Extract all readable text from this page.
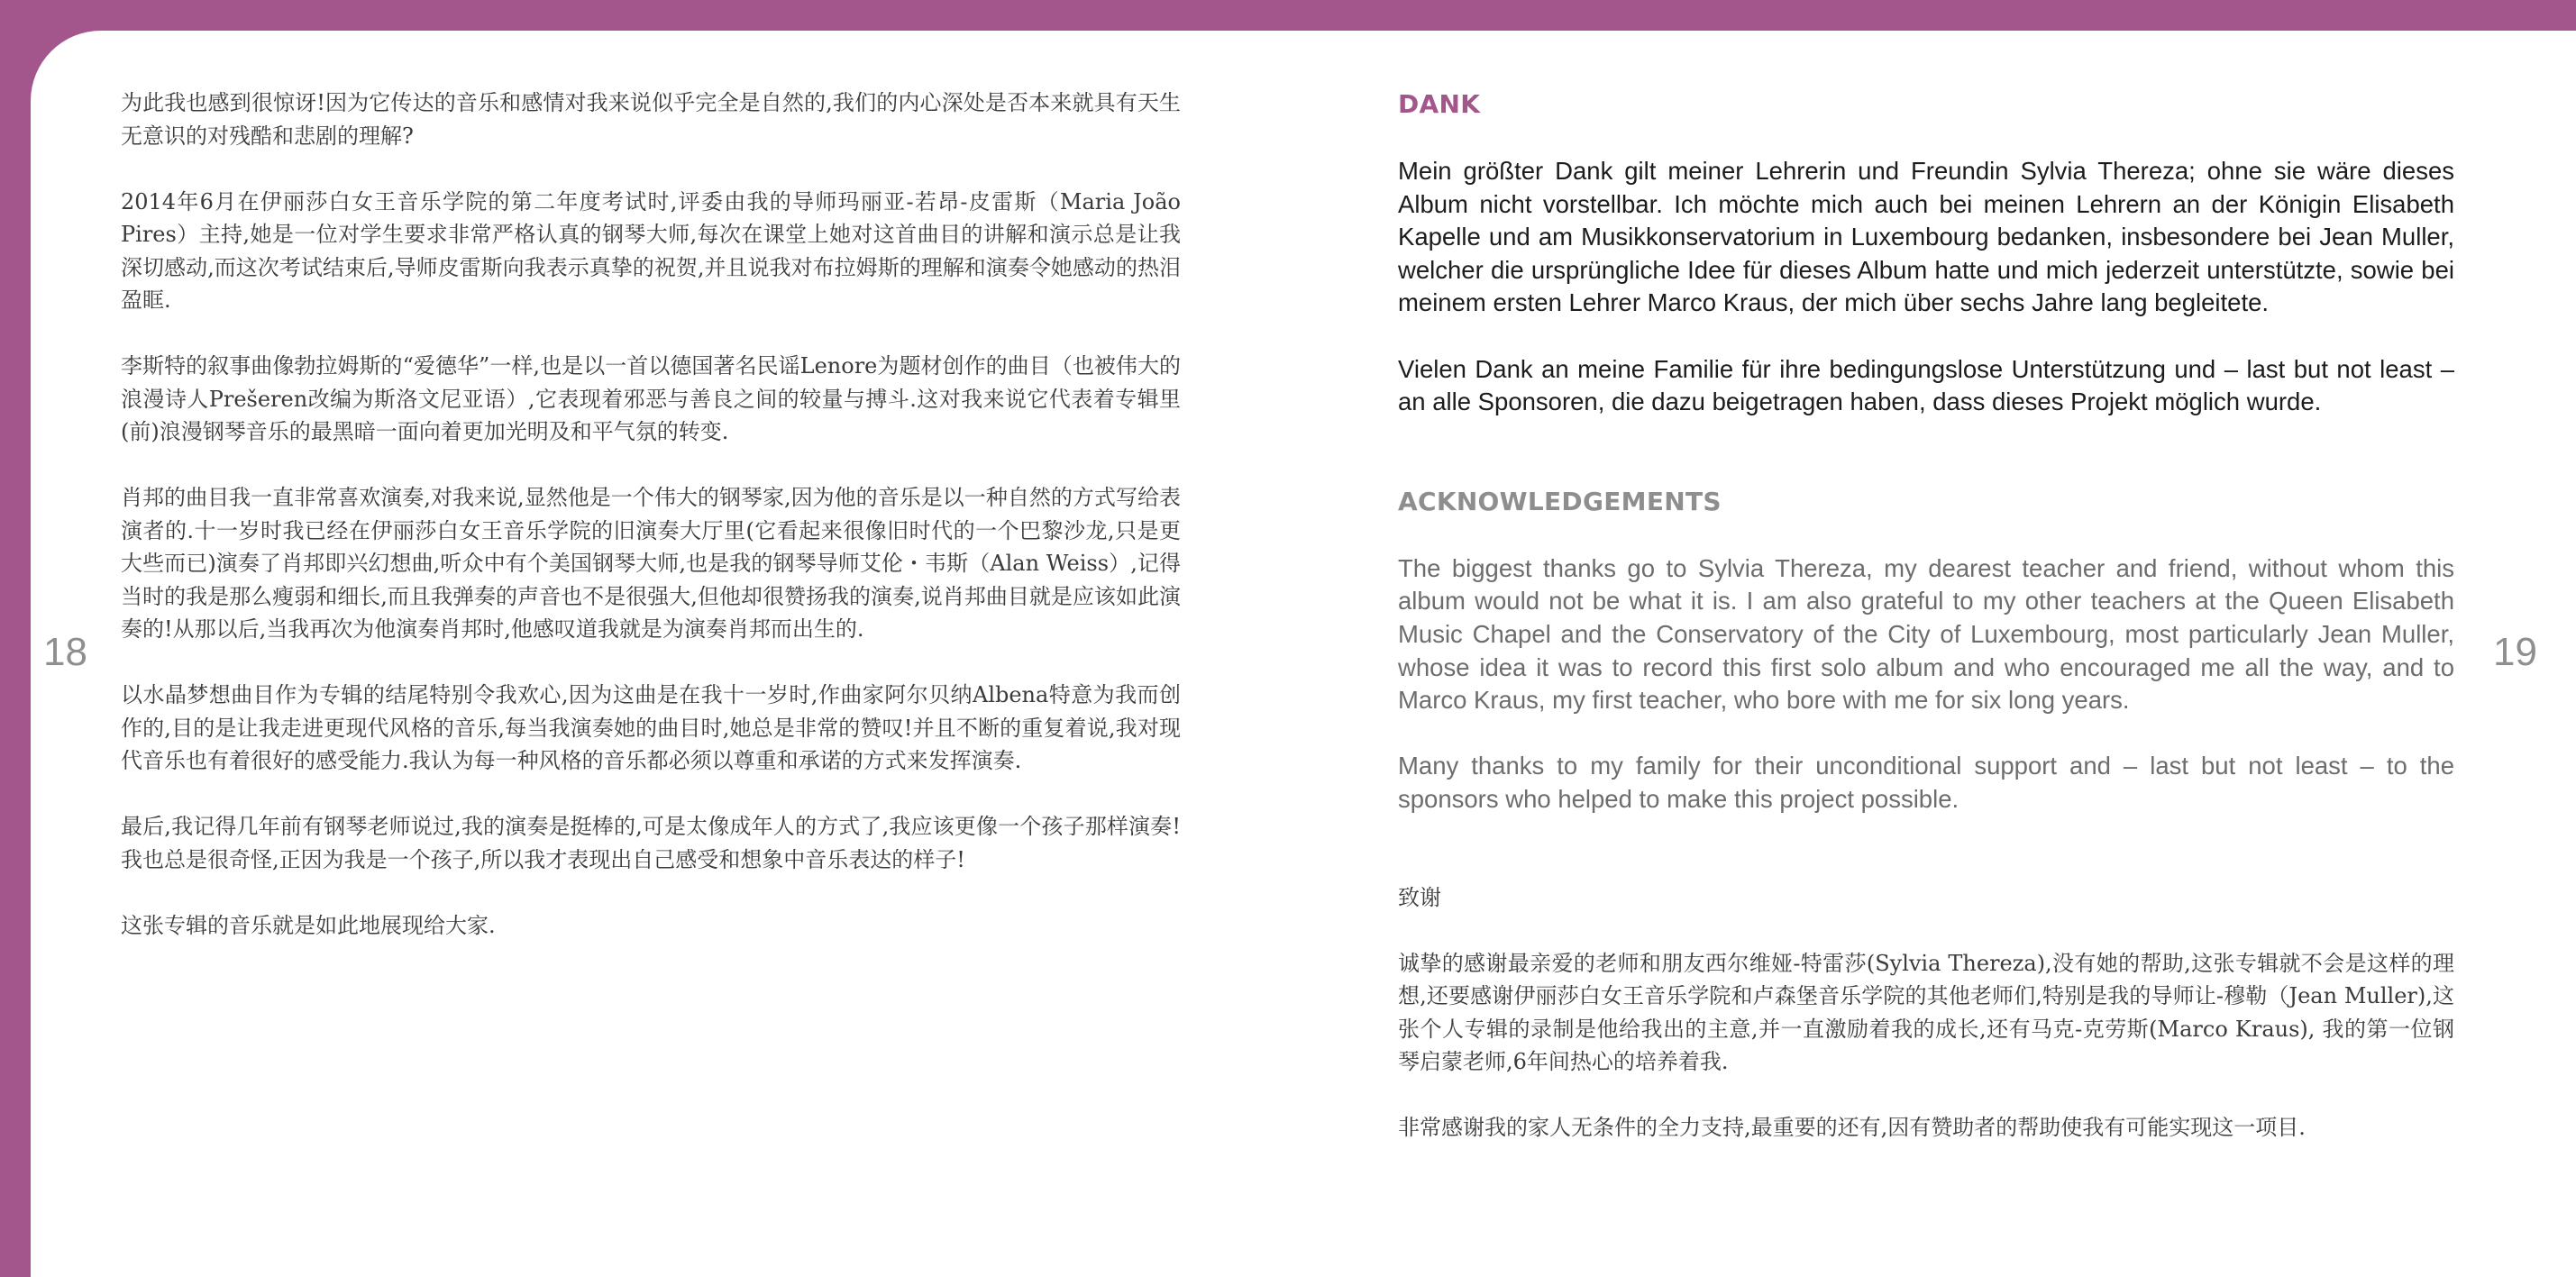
18	19

为此我也感到很惊讶!因为它传达的音乐和感情对我来说似乎完全是自然的,我们的内心深处是否本来就具有天生无意识的对残酷和悲剧的理解?

2014年6月在伊丽莎白女王音乐学院的第二年度考试时,评委由我的导师玛丽亚-若昂-皮雷斯（Maria João Pires）主持,她是一位对学生要求非常严格认真的钢琴大师,每次在课堂上她对这首曲目的讲解和演示总是让我深切感动,而这次考试结束后,导师皮雷斯向我表示真挚的祝贺,并且说我对布拉姆斯的理解和演奏令她感动的热泪盈眶.

李斯特的叙事曲像勃拉姆斯的“爱德华”一样,也是以一首以德国著名民谣Lenore为题材创作的曲目（也被伟大的浪漫诗人Prešeren改编为斯洛文尼亚语）,它表现着邪恶与善良之间的较量与搏斗.这对我来说它代表着专辑里(前)浪漫钢琴音乐的最黑暗一面向着更加光明及和平气氛的转变.

肖邦的曲目我一直非常喜欢演奏,对我来说,显然他是一个伟大的钢琴家,因为他的音乐是以一种自然的方式写给表演者的.十一岁时我已经在伊丽莎白女王音乐学院的旧演奏大厅里(它看起来很像旧时代的一个巴黎沙龙,只是更大些而已)演奏了肖邦即兴幻想曲,听众中有个美国钢琴大师,也是我的钢琴导师艾伦・韦斯（Alan Weiss）,记得当时的我是那么瘦弱和细长,而且我弹奏的声音也不是很强大,但他却很赞扬我的演奏,说肖邦曲目就是应该如此演奏的!从那以后,当我再次为他演奏肖邦时,他感叹道我就是为演奏肖邦而出生的.

以水晶梦想曲目作为专辑的结尾特别令我欢心,因为这曲是在我十一岁时,作曲家阿尔贝纳Albena特意为我而创作的,目的是让我走进更现代风格的音乐,每当我演奏她的曲目时,她总是非常的赞叹!并且不断的重复着说,我对现代音乐也有着很好的感受能力.我认为每一种风格的音乐都必须以尊重和承诺的方式来发挥演奏.

最后,我记得几年前有钢琴老师说过,我的演奏是挺棒的,可是太像成年人的方式了,我应该更像一个孩子那样演奏!我也总是很奇怪,正因为我是一个孩子,所以我才表现出自己感受和想象中音乐表达的样子!

这张专辑的音乐就是如此地展现给大家.

DANK

Mein größter Dank gilt meiner Lehrerin und Freundin Sylvia Thereza; ohne sie wäre dieses Album nicht vorstellbar. Ich möchte mich auch bei meinen Lehrern an der Königin Elisabeth Kapelle und am Musikkonservatorium in Luxembourg bedanken, insbesondere bei Jean Muller, welcher die ursprüngliche Idee für dieses Album hatte und mich jederzeit unterstützte, sowie bei meinem ersten Lehrer Marco Kraus, der mich über sechs Jahre lang begleitete.

Vielen Dank an meine Familie für ihre bedingungslose Unterstützung und – last but not least – an alle Sponsoren, die dazu beigetragen haben, dass dieses Projekt möglich wurde.

ACKNOWLEDGEMENTS

The biggest thanks go to Sylvia Thereza, my dearest teacher and friend, without whom this album would not be what it is. I am also grateful to my other teachers at the Queen Elisabeth Music Chapel and the Conservatory of the City of Luxembourg, most particularly Jean Muller, whose idea it was to record this first solo album and who encouraged me all the way, and to Marco Kraus, my first teacher, who bore with me for six long years.

Many thanks to my family for their unconditional support and – last but not least – to the sponsors who helped to make this project possible.

致谢

诚挚的感谢最亲爱的老师和朋友西尔维娅-特雷莎(Sylvia Thereza),没有她的帮助,这张专辑就不会是这样的理想,还要感谢伊丽莎白女王音乐学院和卢森堡音乐学院的其他老师们,特别是我的导师让-穆勒（Jean Muller),这张个人专辑的录制是他给我出的主意,并一直激励着我的成长,还有马克-克劳斯(Marco Kraus), 我的第一位钢琴启蒙老师,6年间热心的培养着我.

非常感谢我的家人无条件的全力支持,最重要的还有,因有赞助者的帮助使我有可能实现这一项目.
